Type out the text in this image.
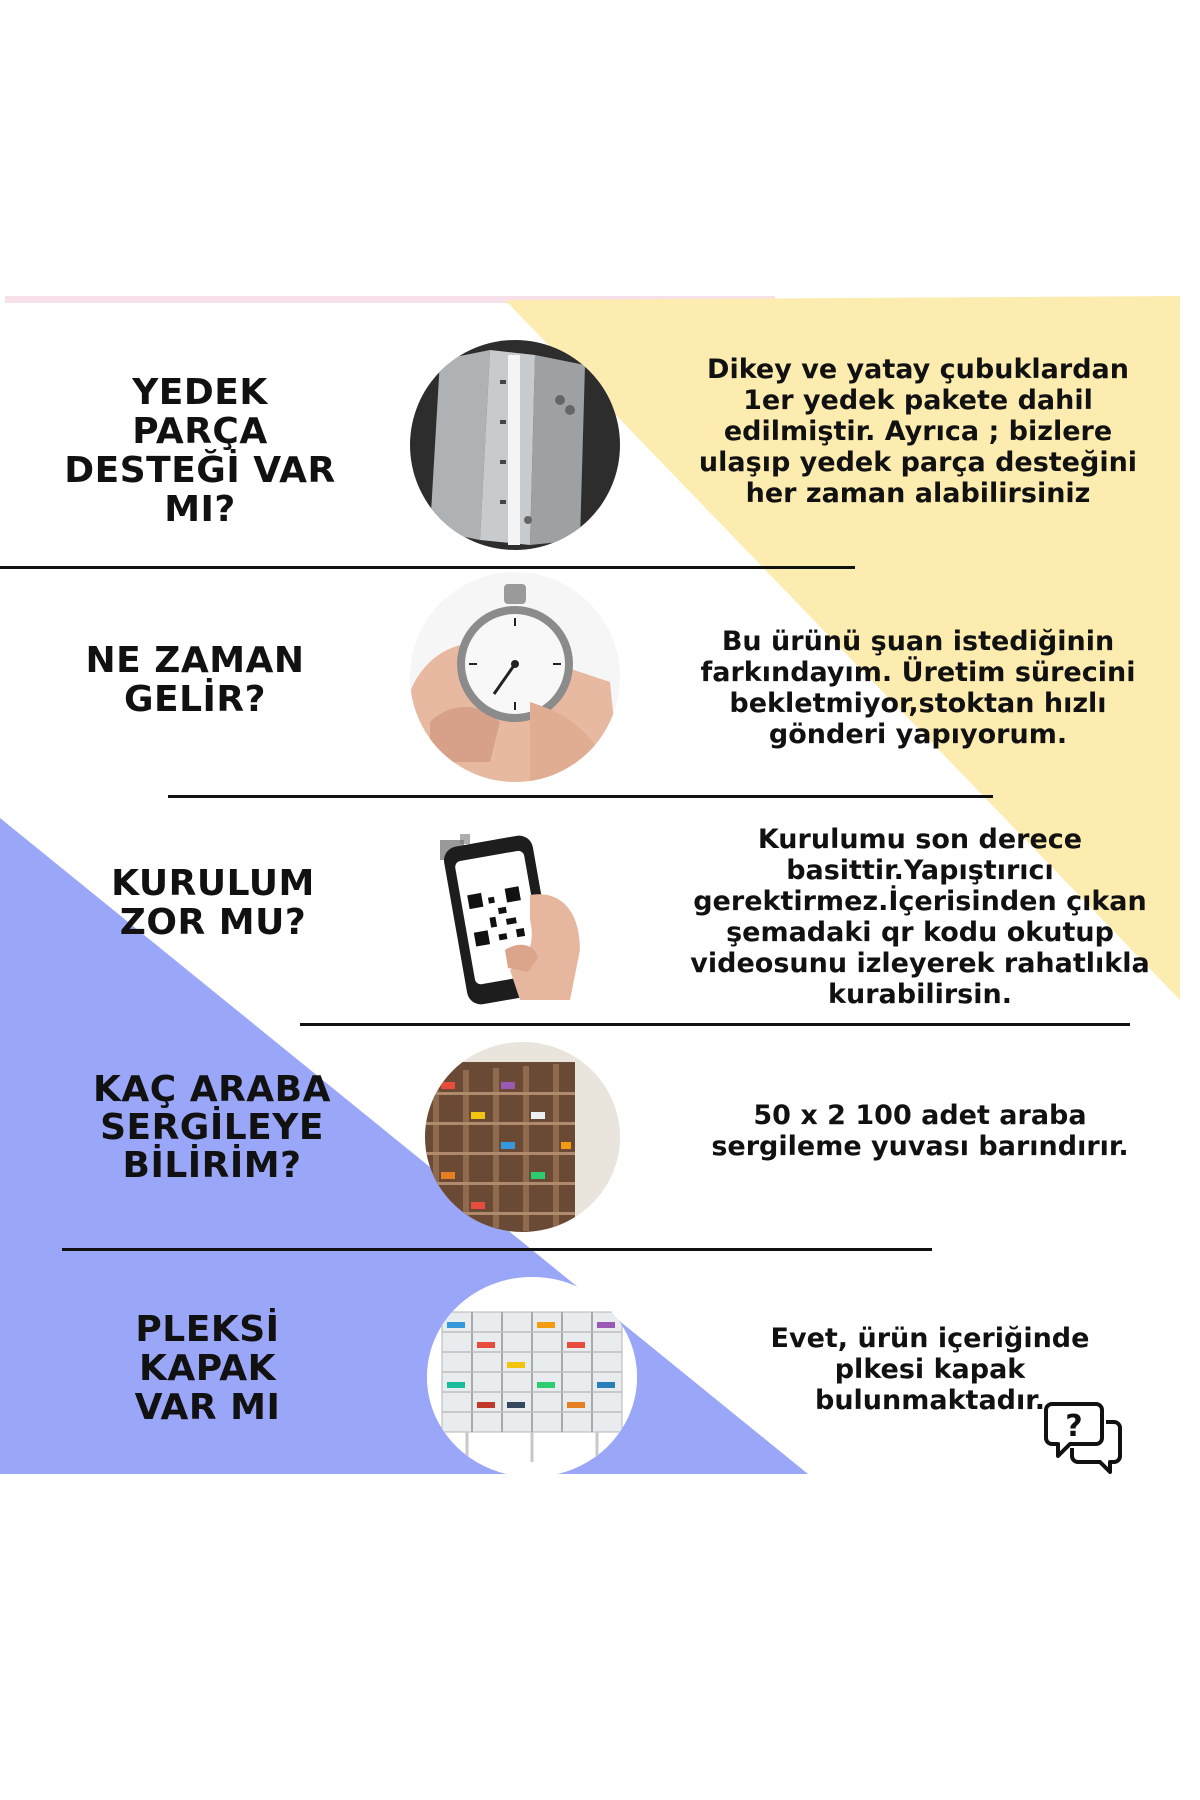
YEDEK PARÇA DESTEĞİ VAR MI?
Dikey ve yatay çubuklardan 1er yedek pakete dahil edilmiştir. Ayrıca ; bizlere ulaşıp yedek parça desteğini her zaman alabilirsiniz
NE ZAMAN GELİR?
Bu ürünü şuan istediğinin farkındayım. Üretim sürecini bekletmiyor,stoktan hızlı gönderi yapıyorum.
KURULUM ZOR MU?
Kurulumu son derece basittir.Yapıştırıcı gerektirmez.İçerisinden çıkan şemadaki qr kodu okutup videosunu izleyerek rahatlıkla kurabilirsin.
KAÇ ARABA SERGİLEYE BİLİRİM?
50 x 2 100 adet araba sergileme yuvası barındırır.
PLEKSİ KAPAK VAR MI
Evet, ürün içeriğinde plkesi kapak bulunmaktadır.
?
